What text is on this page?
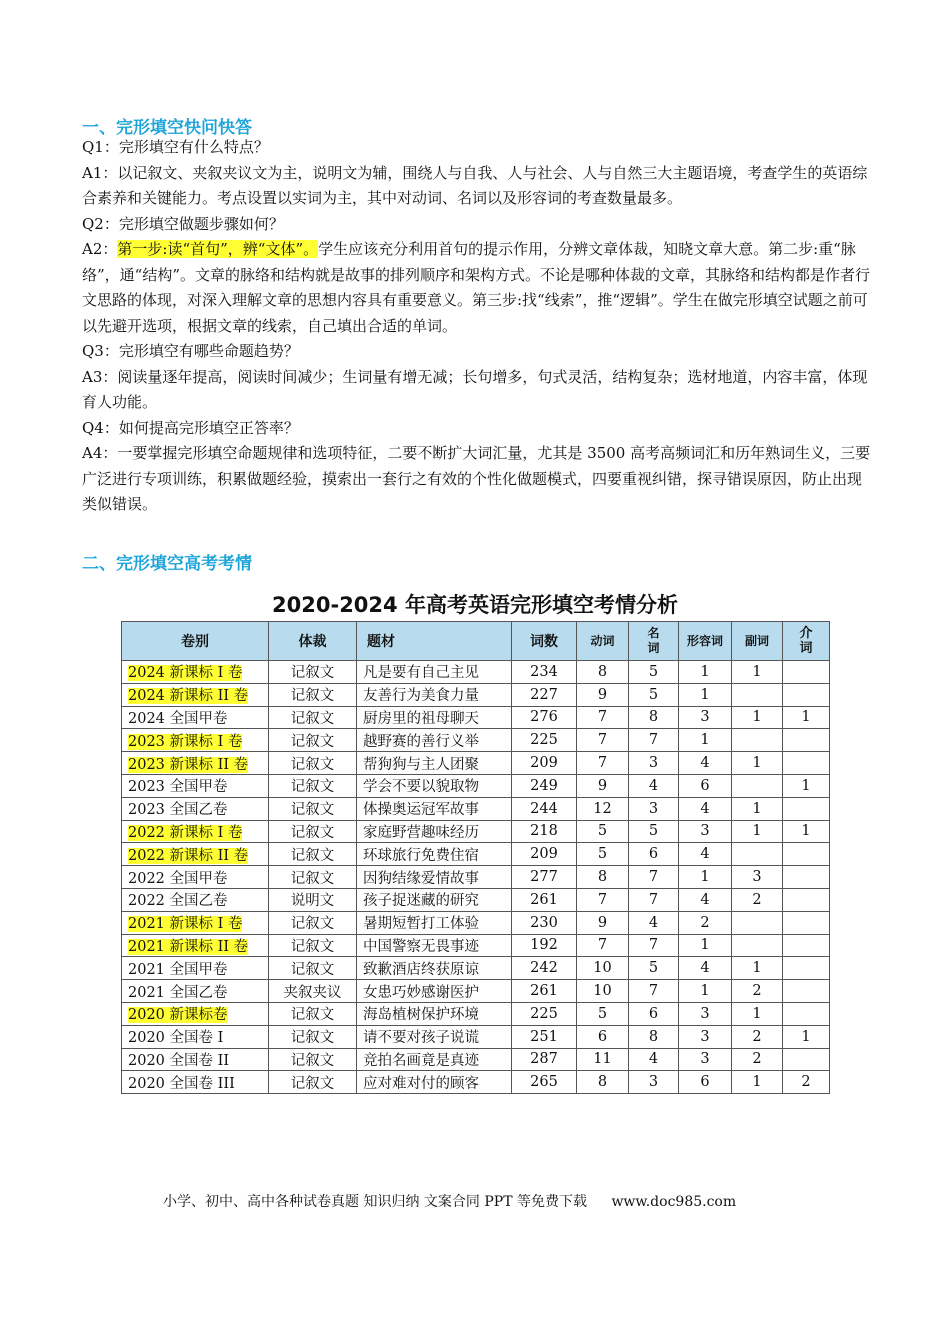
一、完形填空快问快答

Q1：完形填空有什么特点？

A1：以记叙文、夹叙夹议文为主，说明文为辅，围绕人与自我、人与社会、人与自然三大主题语境，考查学生的英语综合素养和关键能力。考点设置以实词为主，其中对动词、名词以及形容词的考查数量最多。

Q2：完形填空做题步骤如何？

A2：第一步:读“首句”，辨“文体”。学生应该充分利用首句的提示作用，分辨文章体裁，知晓文章大意。第二步:重“脉络”，通“结构”。文章的脉络和结构就是故事的排列顺序和架构方式。不论是哪种体裁的文章，其脉络和结构都是作者行文思路的体现，对深入理解文章的思想内容具有重要意义。第三步:找“线索”，推“逻辑”。学生在做完形填空试题之前可以先避开选项，根据文章的线索，自己填出合适的单词。

Q3：完形填空有哪些命题趋势？

A3：阅读量逐年提高，阅读时间减少；生词量有增无减；长句增多，句式灵活，结构复杂；选材地道，内容丰富，体现育人功能。

Q4：如何提高完形填空正答率？

A4：一要掌握完形填空命题规律和选项特征，二要不断扩大词汇量，尤其是 3500 高考高频词汇和历年熟词生义，三要广泛进行专项训练，积累做题经验，摸索出一套行之有效的个性化做题模式，四要重视纠错，探寻错误原因，防止出现类似错误。

二、完形填空高考考情
2020-2024 年高考英语完形填空考情分析
卷别	体裁	题材	词数	动词	名词	形容词	副词	介词
2024 新课标 I 卷	记叙文	凡是要有自己主见	234	8	5	1	1	
2024 新课标 II 卷	记叙文	友善行为美食力量	227	9	5	1		
2024 全国甲卷	记叙文	厨房里的祖母聊天	276	7	8	3	1	1
2023 新课标 I 卷	记叙文	越野赛的善行义举	225	7	7	1		
2023 新课标 II 卷	记叙文	帮狗狗与主人团聚	209	7	3	4	1	
2023 全国甲卷	记叙文	学会不要以貌取物	249	9	4	6		1
2023 全国乙卷	记叙文	体操奥运冠军故事	244	12	3	4	1	
2022 新课标 I 卷	记叙文	家庭野营趣味经历	218	5	5	3	1	1
2022 新课标 II 卷	记叙文	环球旅行免费住宿	209	5	6	4		
2022 全国甲卷	记叙文	因狗结缘爱情故事	277	8	7	1	3	
2022 全国乙卷	说明文	孩子捉迷藏的研究	261	7	7	4	2	
2021 新课标 I 卷	记叙文	暑期短暂打工体验	230	9	4	2		
2021 新课标 II 卷	记叙文	中国警察无畏事迹	192	7	7	1		
2021 全国甲卷	记叙文	致歉酒店终获原谅	242	10	5	4	1	
2021 全国乙卷	夹叙夹议	女患巧妙感谢医护	261	10	7	1	2	
2020 新课标卷	记叙文	海岛植树保护环境	225	5	6	3	1	
2020 全国卷 I	记叙文	请不要对孩子说谎	251	6	8	3	2	1
2020 全国卷 II	记叙文	竞拍名画竟是真迹	287	11	4	3	2	
2020 全国卷 III	记叙文	应对难对付的顾客	265	8	3	6	1	2

小学、初中、高中各种试卷真题 知识归纳 文案合同 PPT 等免费下载 www.doc985.com
